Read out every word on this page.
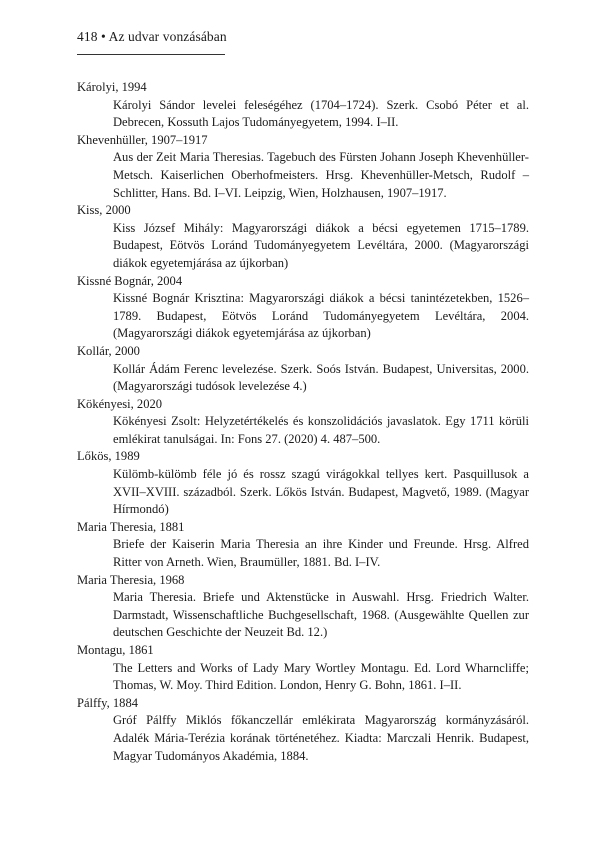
418 • Az udvar vonzásában

Károlyi, 1994

Károlyi Sándor levelei feleségéhez (1704–1724). Szerk. Csobó Péter et al. Debrecen, Kossuth Lajos Tudományegyetem, 1994. I–II.

Khevenhüller, 1907–1917

Aus der Zeit Maria Theresias. Tagebuch des Fürsten Johann Joseph Khevenhüller-Metsch. Kaiserlichen Oberhofmeisters. Hrsg. Khevenhüller-Metsch, Rudolf – Schlitter, Hans. Bd. I–VI. Leipzig, Wien, Holzhausen, 1907–1917.

Kiss, 2000

Kiss József Mihály: Magyarországi diákok a bécsi egyetemen 1715–1789. Budapest, Eötvös Loránd Tudományegyetem Levéltára, 2000. (Magyarországi diákok egyetemjárása az újkorban)

Kissné Bognár, 2004

Kissné Bognár Krisztina: Magyarországi diákok a bécsi tanintézetekben, 1526–1789. Budapest, Eötvös Loránd Tudományegyetem Levéltára, 2004. (Magyarországi diákok egyetemjárása az újkorban)

Kollár, 2000

Kollár Ádám Ferenc levelezése. Szerk. Soós István. Budapest, Universitas, 2000. (Magyarországi tudósok levelezése 4.)

Kökényesi, 2020

Kökényesi Zsolt: Helyzetértékelés és konszolidációs javaslatok. Egy 1711 körüli emlékirat tanulságai. In: Fons 27. (2020) 4. 487–500.

Lőkös, 1989

Külömb-külömb féle jó és rossz szagú virágokkal tellyes kert. Pasquillusok a XVII–XVIII. századból. Szerk. Lőkös István. Budapest, Magvető, 1989. (Magyar Hírmondó)

Maria Theresia, 1881

Briefe der Kaiserin Maria Theresia an ihre Kinder und Freunde. Hrsg. Alfred Ritter von Arneth. Wien, Braumüller, 1881. Bd. I–IV.

Maria Theresia, 1968

Maria Theresia. Briefe und Aktenstücke in Auswahl. Hrsg. Friedrich Walter. Darmstadt, Wissenschaftliche Buchgesellschaft, 1968. (Ausgewählte Quellen zur deutschen Geschichte der Neuzeit Bd. 12.)

Montagu, 1861

The Letters and Works of Lady Mary Wortley Montagu. Ed. Lord Wharncliffe; Thomas, W. Moy. Third Edition. London, Henry G. Bohn, 1861. I–II.

Pálffy, 1884

Gróf Pálffy Miklós főkanczellár emlékirata Magyarország kormányzásáról. Adalék Mária-Terézia korának történetéhez. Kiadta: Marczali Henrik. Budapest, Magyar Tudományos Akadémia, 1884.
